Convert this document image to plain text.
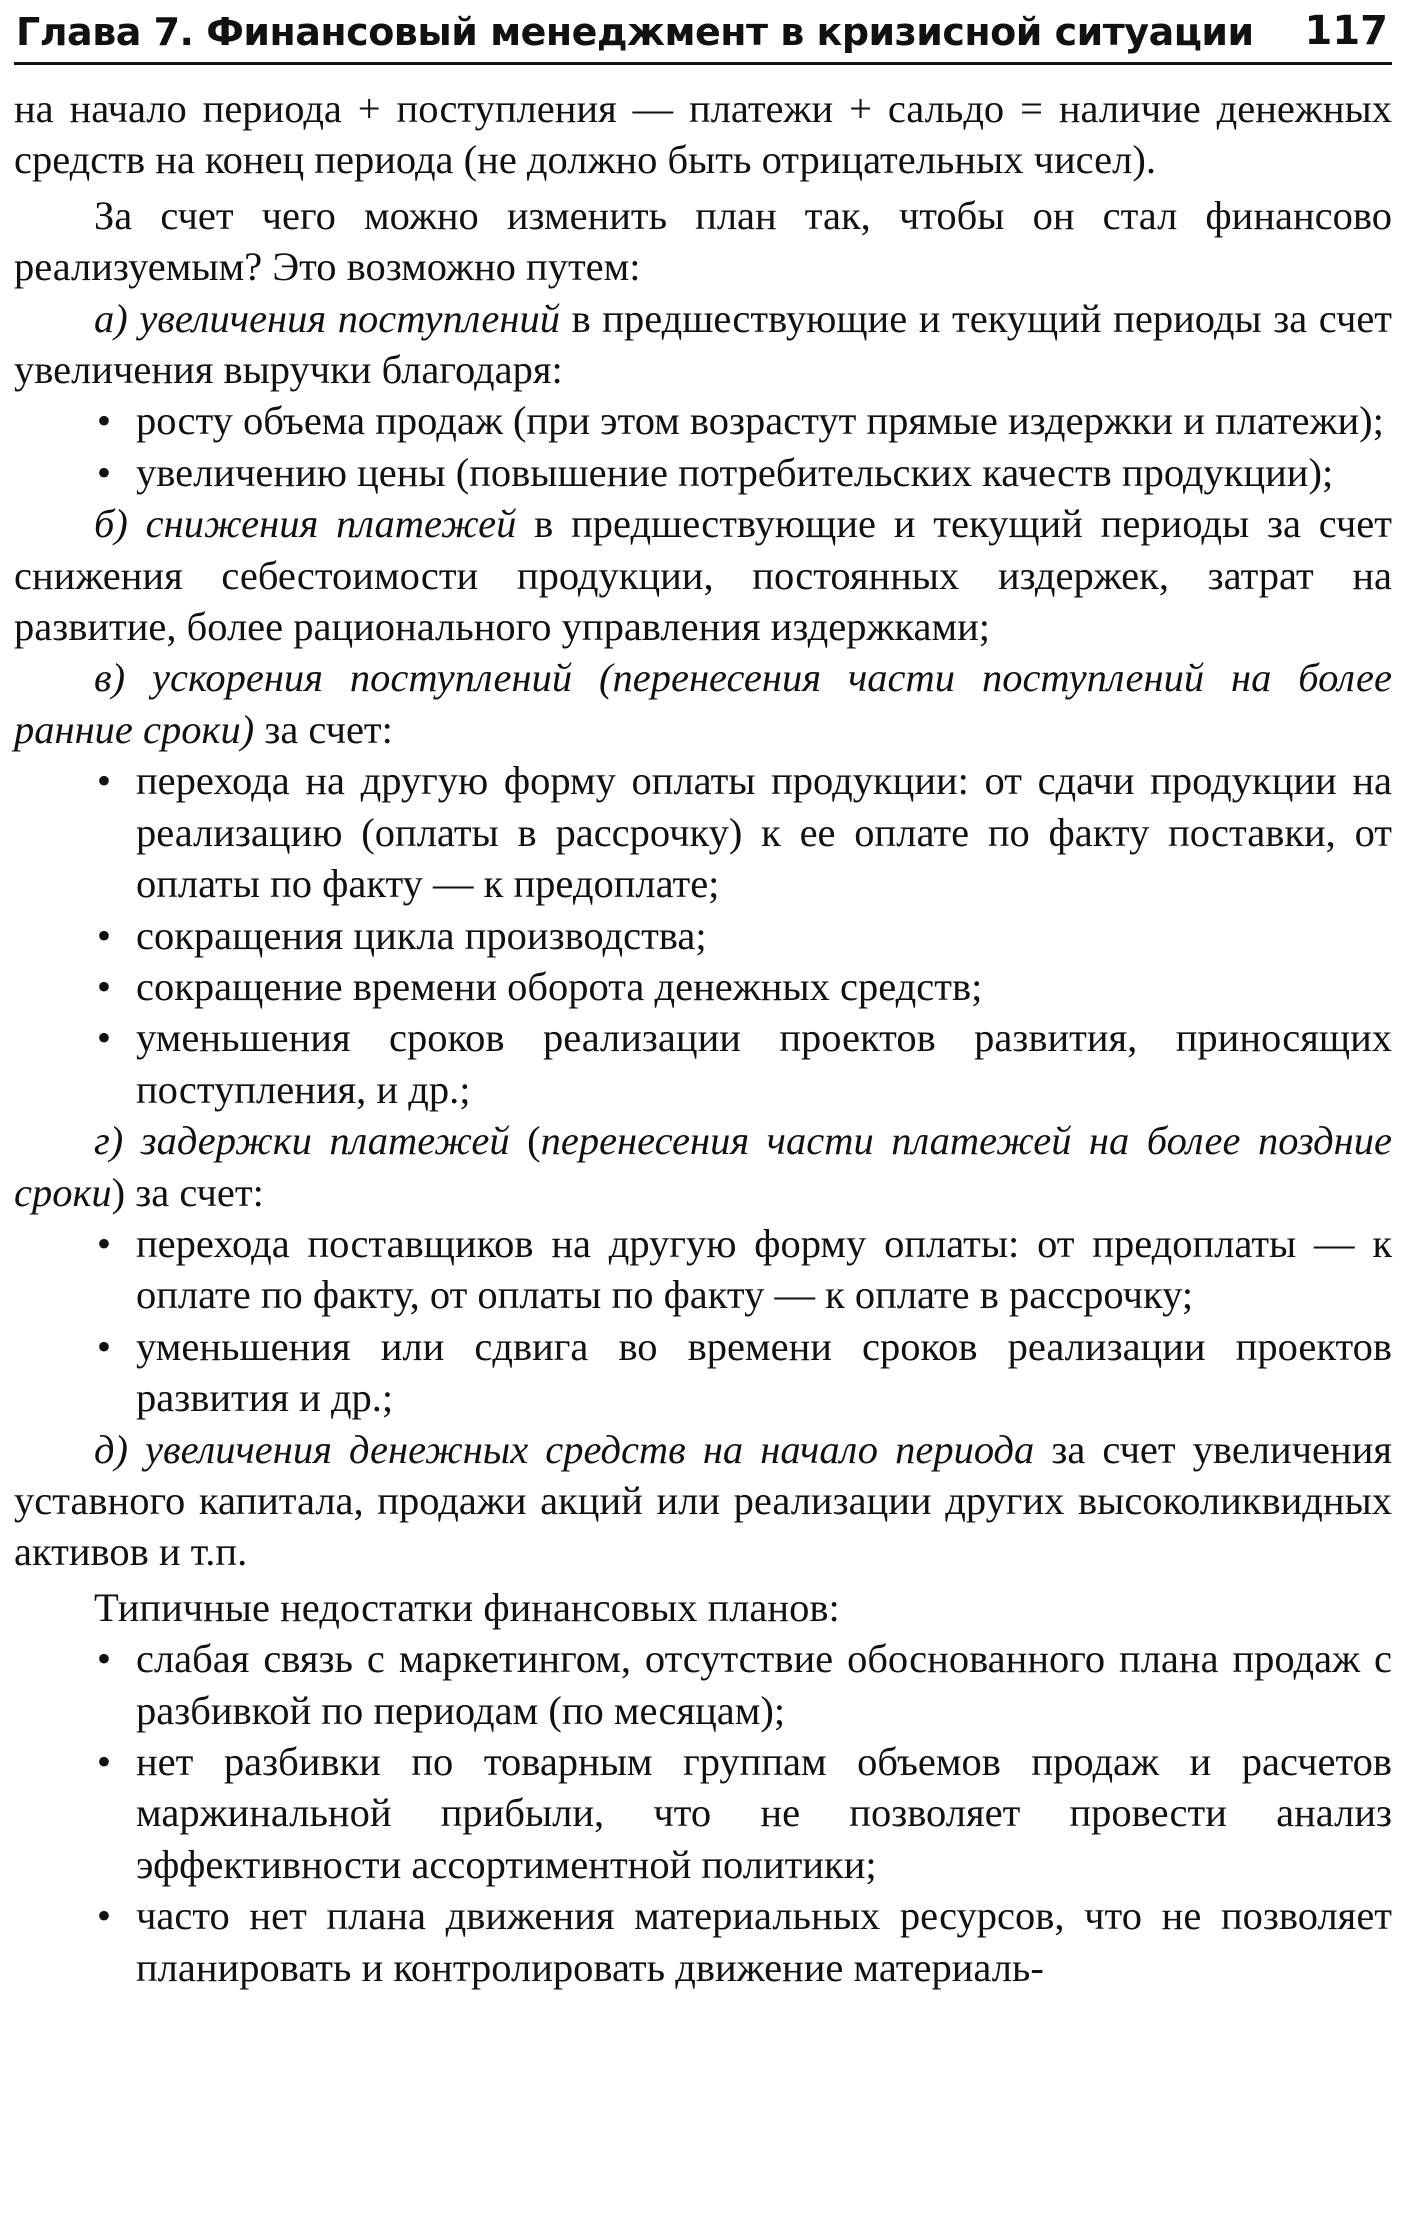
Глава 7. Финансовый менеджмент в кризисной ситуации 117

на начало периода + поступления — платежи + сальдо = наличие денежных средств на конец периода (не должно быть отрицательных чисел).

За счет чего можно изменить план так, чтобы он стал финансово реализуемым? Это возможно путем:

а) увеличения поступлений в предшествующие и текущий периоды за счет увеличения выручки благодаря:

• росту объема продаж (при этом возрастут прямые издержки и платежи);
• увеличению цены (повышение потребительских качеств продукции);

б) снижения платежей в предшествующие и текущий периоды за счет снижения себестоимости продукции, постоянных издержек, затрат на развитие, более рационального управления издержками;

в) ускорения поступлений (перенесения части поступлений на более ранние сроки) за счет:

• перехода на другую форму оплаты продукции: от сдачи продукции на реализацию (оплаты в рассрочку) к ее оплате по факту поставки, от оплаты по факту — к предоплате;
• сокращения цикла производства;
• сокращение времени оборота денежных средств;
• уменьшения сроков реализации проектов развития, приносящих поступления, и др.;

г) задержки платежей (перенесения части платежей на более поздние сроки) за счет:

• перехода поставщиков на другую форму оплаты: от предоплаты — к оплате по факту, от оплаты по факту — к оплате в рассрочку;
• уменьшения или сдвига во времени сроков реализации проектов развития и др.;

д) увеличения денежных средств на начало периода за счет увеличения уставного капитала, продажи акций или реализации других высоколиквидных активов и т.п.

Типичные недостатки финансовых планов:

• слабая связь с маркетингом, отсутствие обоснованного плана продаж с разбивкой по периодам (по месяцам);
• нет разбивки по товарным группам объемов продаж и расчетов маржинальной прибыли, что не позволяет провести анализ эффективности ассортиментной политики;
• часто нет плана движения материальных ресурсов, что не позволяет планировать и контролировать движение материаль-
